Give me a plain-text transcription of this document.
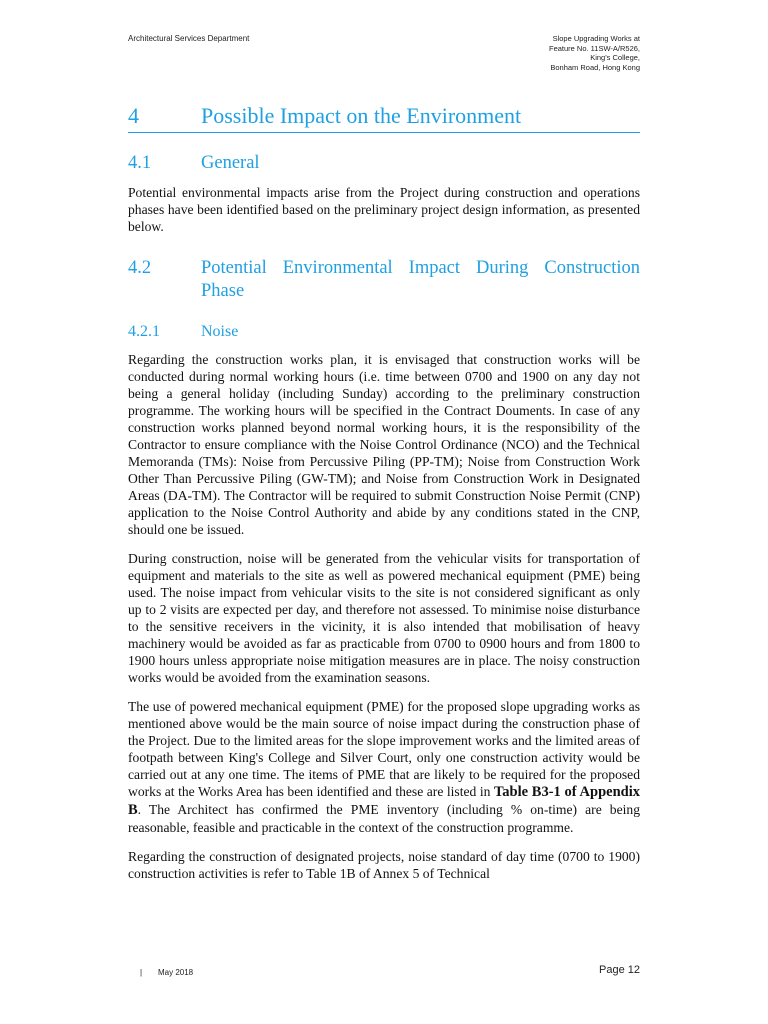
Architectural Services Department	Slope Upgrading Works at
Feature No. 11SW-A/R526,
King's College,
Bonham Road, Hong Kong
4	Possible Impact on the Environment
4.1	General

Potential environmental impacts arise from the Project during construction and operations phases have been identified based on the preliminary project design information, as presented below.

4.2	Potential Environmental Impact During Construction Phase
4.2.1	Noise

Regarding the construction works plan, it is envisaged that construction works will be conducted during normal working hours (i.e. time between 0700 and 1900 on any day not being a general holiday (including Sunday) according to the preliminary construction programme. The working hours will be specified in the Contract Douments. In case of any construction works planned beyond normal working hours, it is the responsibility of the Contractor to ensure compliance with the Noise Control Ordinance (NCO) and the Technical Memoranda (TMs): Noise from Percussive Piling (PP-TM); Noise from Construction Work Other Than Percussive Piling (GW-TM); and Noise from Construction Work in Designated Areas (DA-TM). The Contractor will be required to submit Construction Noise Permit (CNP) application to the Noise Control Authority and abide by any conditions stated in the CNP, should one be issued.

During construction, noise will be generated from the vehicular visits for transportation of equipment and materials to the site as well as powered mechanical equipment (PME) being used. The noise impact from vehicular visits to the site is not considered significant as only up to 2 visits are expected per day, and therefore not assessed. To minimise noise disturbance to the sensitive receivers in the vicinity, it is also intended that mobilisation of heavy machinery would be avoided as far as practicable from 0700 to 0900 hours and from 1800 to 1900 hours unless appropriate noise mitigation measures are in place. The noisy construction works would be avoided from the examination seasons.

The use of powered mechanical equipment (PME) for the proposed slope upgrading works as mentioned above would be the main source of noise impact during the construction phase of the Project. Due to the limited areas for the slope improvement works and the limited areas of footpath between King's College and Silver Court, only one construction activity would be carried out at any one time. The items of PME that are likely to be required for the proposed works at the Works Area has been identified and these are listed in Table B3-1 of Appendix B. The Architect has confirmed the PME inventory (including % on-time) are being reasonable, feasible and practicable in the context of the construction programme.

Regarding the construction of designated projects, noise standard of day time (0700 to 1900) construction activities is refer to Table 1B of Annex 5 of Technical

| May 2018	Page 12
